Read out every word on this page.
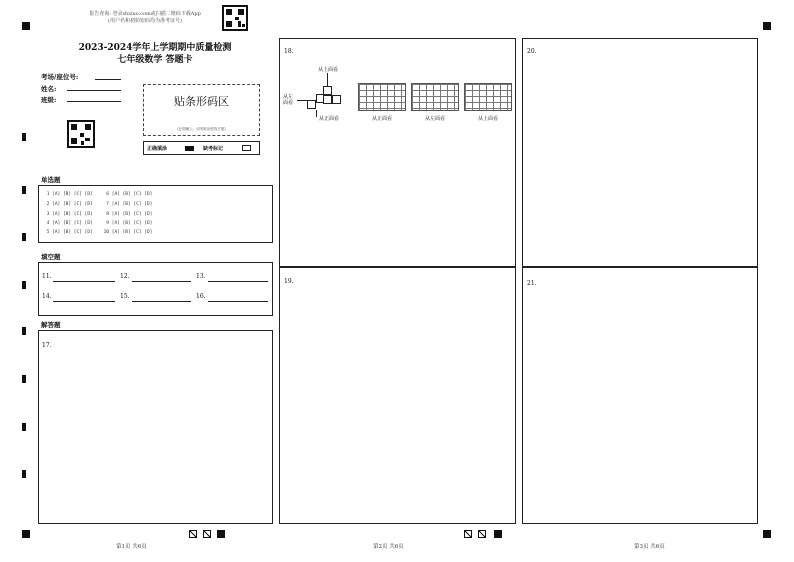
报告查询: 登录shizuo.com或扫描二维码下载App
(用户名和初始密码均为准考证号)
2023-2024学年上学期期中质量检测
七年级数学 答题卡
考场/座位号:
姓名:
班级:	贴条形码区
(正面朝上，切勿贴出虚线方框)
正确填涂	缺考标记
单选题
1 [A] [B] [C] [D]     6 [A] [B] [C] [D]
2 [A] [B] [C] [D]     7 [A] [B] [C] [D]
3 [A] [B] [C] [D]     8 [A] [B] [C] [D]
4 [A] [B] [C] [D]     9 [A] [B] [C] [D]
5 [A] [B] [C] [D]    10 [A] [B] [C] [D]
填空题
11.	12.	13.
14.	15.	16.
解答题
17.
18.
从上面看
从左面看
从正面看	从正面看	从左面看	从上面看
19.
20.
21.
第1页 共6页	第2页 共6页	第3页 共6页
